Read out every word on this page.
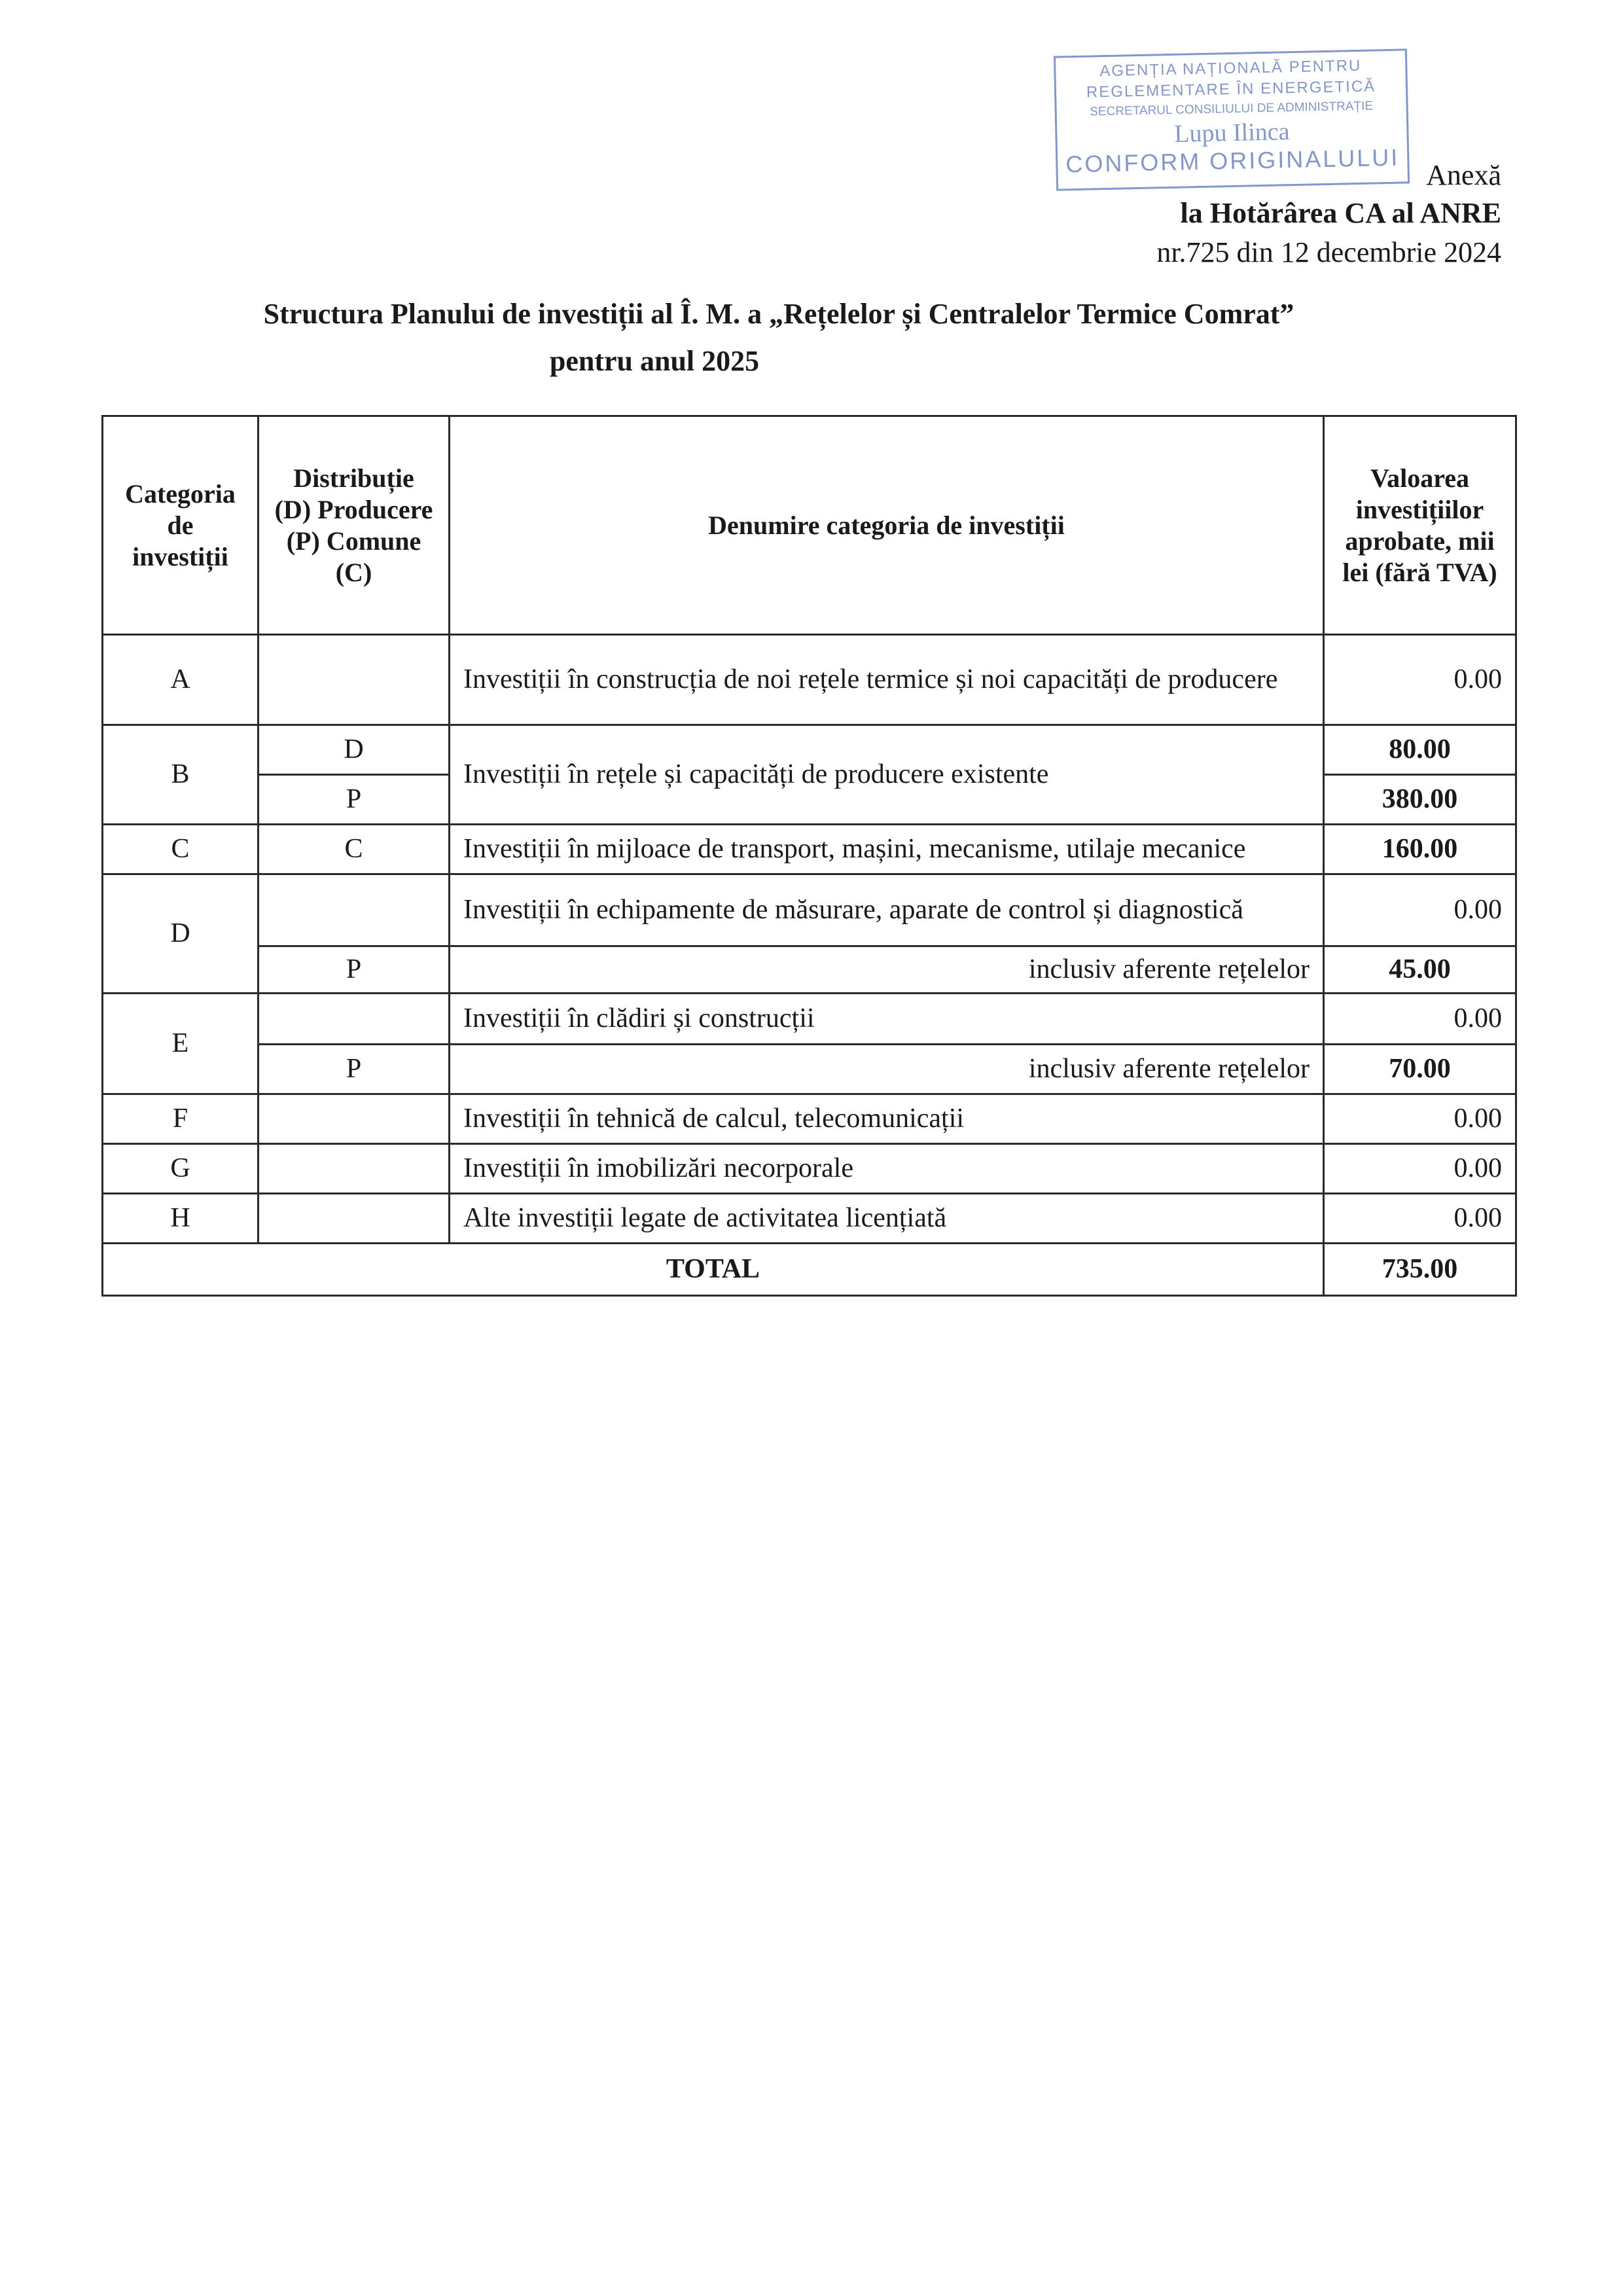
AGENȚIA NAȚIONALĂ PENTRU
REGLEMENTARE ÎN ENERGETICĂ
SECRETARUL CONSILIULUI DE ADMINISTRAȚIE
Lupu Ilinca
CONFORM ORIGINALULUI Anexă
la Hotărârea CA al ANRE
nr.725 din 12 decembrie 2024
Structura Planului de investiții al Î. M. a „Rețelelor și Centralelor Termice Comrat”
pentru anul 2025
Categoria de investiții	Distribuție (D) Producere (P) Comune (C)	Denumire categoria de investiții	Valoarea investițiilor aprobate, mii lei (fără TVA)
A		Investiții în construcția de noi rețele termice și noi capacități de producere	0.00
B	D	Investiții în rețele și capacități de producere existente	80.00
	P		380.00
C	C	Investiții în mijloace de transport, mașini, mecanisme, utilaje mecanice	160.00
D		Investiții în echipamente de măsurare, aparate de control și diagnostică	0.00
	P	inclusiv aferente rețelelor	45.00
E		Investiții în clădiri și construcții	0.00
	P	inclusiv aferente rețelelor	70.00
F		Investiții în tehnică de calcul, telecomunicații	0.00
G		Investiții în imobilizări necorporale	0.00
H		Alte investiții legate de activitatea licențiată	0.00
TOTAL			735.00
